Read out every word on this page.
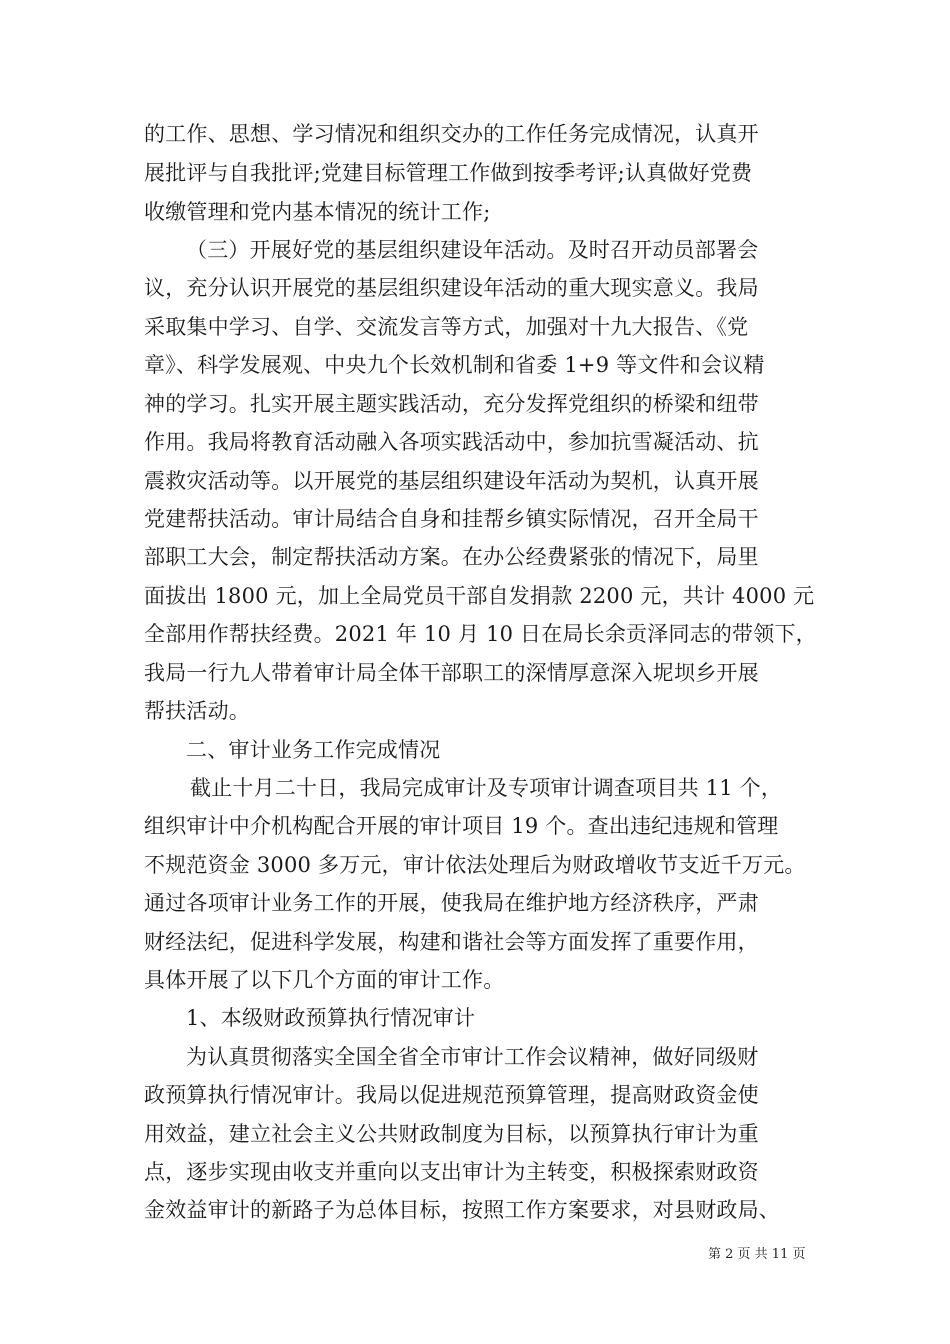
的工作、思想、学习情况和组织交办的工作任务完成情况，认真开
展批评与自我批评;党建目标管理工作做到按季考评;认真做好党费
收缴管理和党内基本情况的统计工作;
（三）开展好党的基层组织建设年活动。及时召开动员部署会
议，充分认识开展党的基层组织建设年活动的重大现实意义。我局
采取集中学习、自学、交流发言等方式，加强对十九大报告、《党
章》、科学发展观、中央九个长效机制和省委 1+9 等文件和会议精
神的学习。扎实开展主题实践活动，充分发挥党组织的桥梁和纽带
作用。我局将教育活动融入各项实践活动中，参加抗雪凝活动、抗
震救灾活动等。以开展党的基层组织建设年活动为契机，认真开展
党建帮扶活动。审计局结合自身和挂帮乡镇实际情况，召开全局干
部职工大会，制定帮扶活动方案。在办公经费紧张的情况下，局里
面拔出 1800 元，加上全局党员干部自发捐款 2200 元，共计 4000 元
全部用作帮扶经费。2021 年 10 月 10 日在局长余贡泽同志的带领下，
我局一行九人带着审计局全体干部职工的深情厚意深入坭坝乡开展
帮扶活动。
二、审计业务工作完成情况
截止十月二十日，我局完成审计及专项审计调查项目共 11 个，
组织审计中介机构配合开展的审计项目 19 个。查出违纪违规和管理
不规范资金 3000 多万元，审计依法处理后为财政增收节支近千万元。
通过各项审计业务工作的开展，使我局在维护地方经济秩序，严肃
财经法纪，促进科学发展，构建和谐社会等方面发挥了重要作用，
具体开展了以下几个方面的审计工作。
1、本级财政预算执行情况审计
为认真贯彻落实全国全省全市审计工作会议精神，做好同级财
政预算执行情况审计。我局以促进规范预算管理，提高财政资金使
用效益，建立社会主义公共财政制度为目标，以预算执行审计为重
点，逐步实现由收支并重向以支出审计为主转变，积极探索财政资
金效益审计的新路子为总体目标，按照工作方案要求，对县财政局、
第 2 页 共 11 页
